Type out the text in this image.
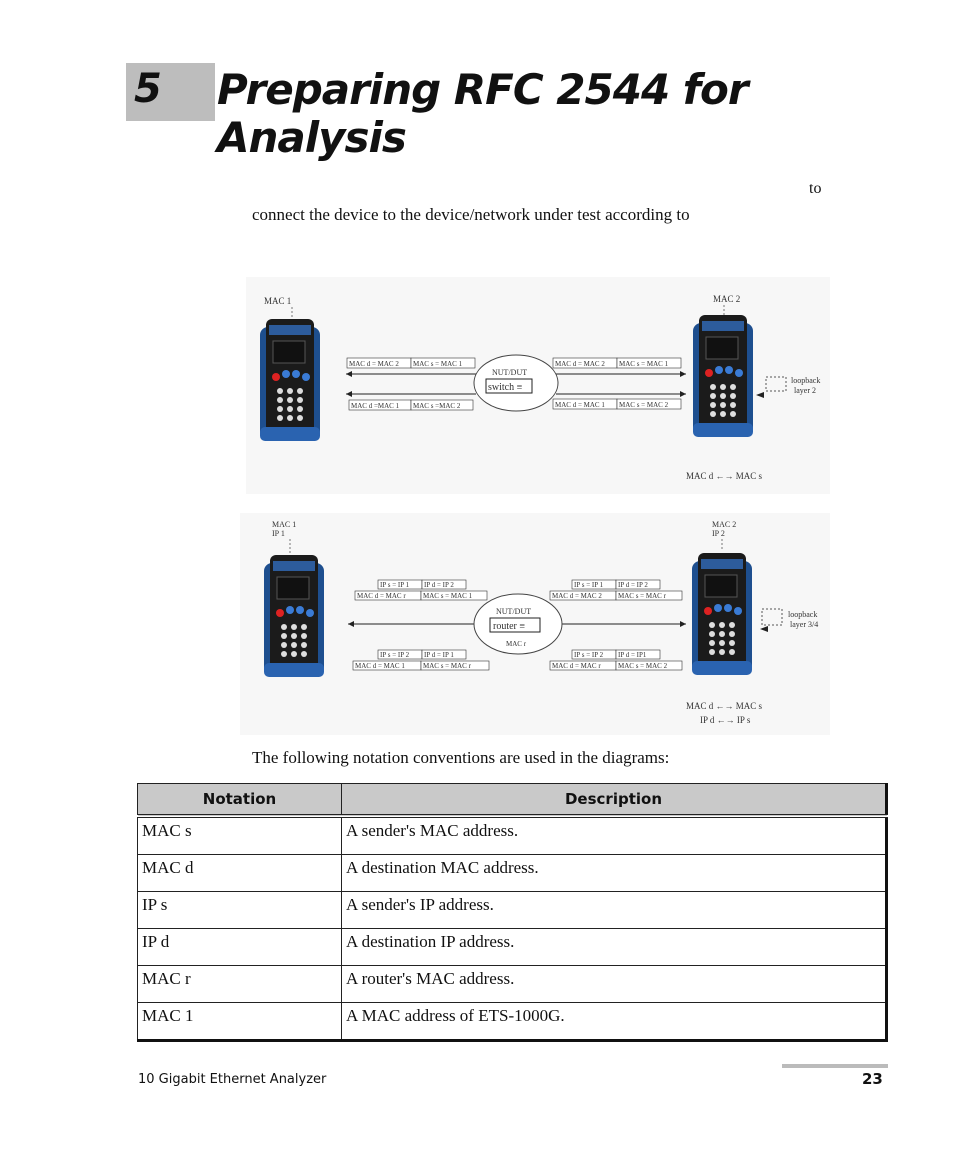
5 Preparing RFC 2544 for Analysis
to
connect the device to the device/network under test according to
MAC 1	MAC 2
MAC d = MAC 2 MAC s = MAC 1	MAC d = MAC 2 MAC s = MAC 1
MAC d =MAC 1 MAC s =MAC 2	MAC d = MAC 1 MAC s = MAC 2
NUT/DUT
switch ≡
loopback
layer 2
MAC d ←→ MAC s
MAC 1
IP 1
MAC 2
IP 2
IP s = IP 1 IP d = IP 2
MAC d = MAC r MAC s = MAC 1
IP s = IP 1 IP d = IP 2
MAC d = MAC 2 MAC s = MAC r
IP s = IP 2 IP d = IP 1
MAC d = MAC 1	MAC s = MAC r
IP s = IP 2 IP d = IP1
MAC d = MAC r MAC s = MAC 2
NUT/DUT
router ≡
MAC r
loopback
layer 3/4
MAC d ←→ MAC s
IP d ←→ IP s
The following notation conventions are used in the diagrams:
Notation	Description
MAC s	A sender's MAC address.
MAC d	A destination MAC address.
IP s	A sender's IP address.
IP d	A destination IP address.
MAC r	A router's MAC address.
MAC 1	A MAC address of ETS-1000G.
10 Gigabit Ethernet Analyzer	23
